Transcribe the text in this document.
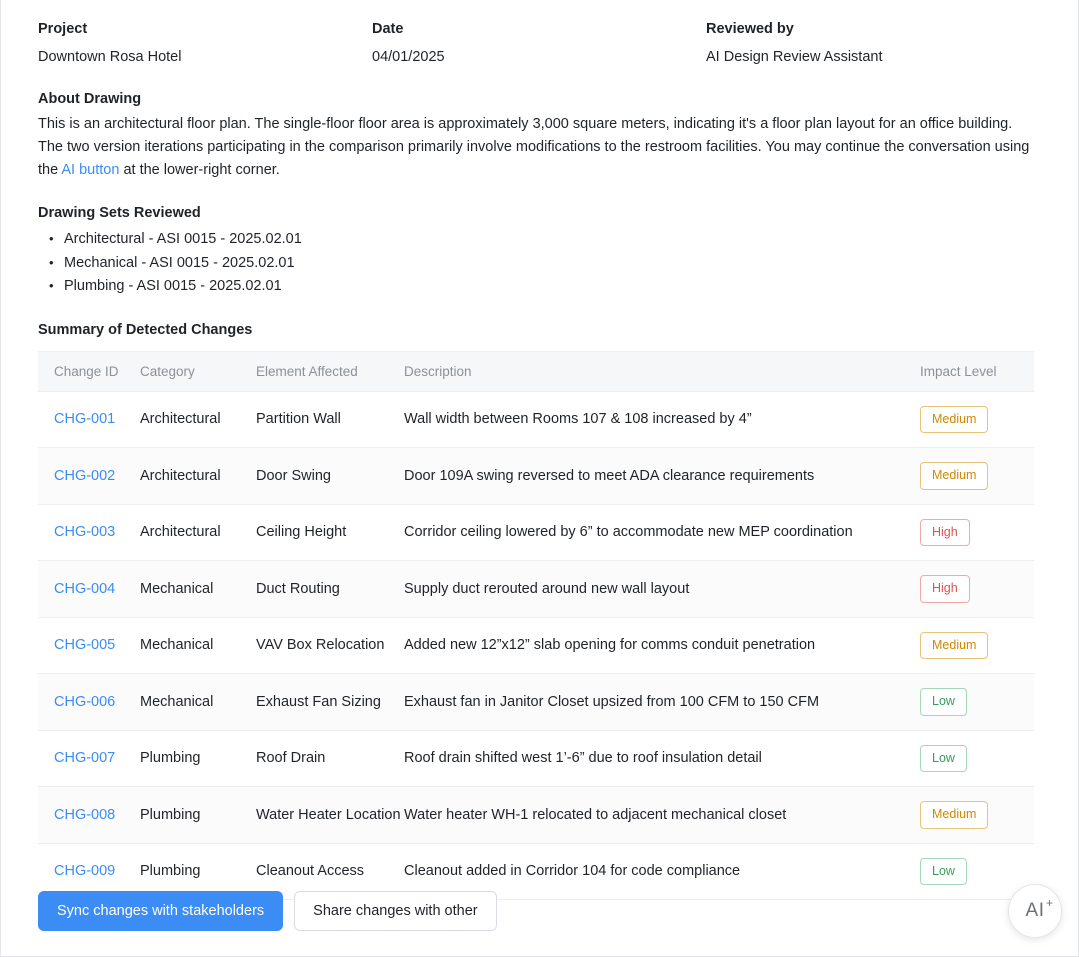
Project
Downtown Rosa Hotel
Date
04/01/2025
Reviewed by
AI Design Review Assistant
About Drawing
This is an architectural floor plan. The single-floor floor area is approximately 3,000 square meters, indicating it's a floor plan layout for an office building. The two version iterations participating in the comparison primarily involve modifications to the restroom facilities. You may continue the conversation using the AI button at the lower-right corner.
Drawing Sets Reviewed
• Architectural - ASI 0015 - 2025.02.01
• Mechanical - ASI 0015 - 2025.02.01
• Plumbing - ASI 0015 - 2025.02.01
Summary of Detected Changes
Change ID	Category	Element Affected	Description	Impact Level
CHG-001	Architectural	Partition Wall	Wall width between Rooms 107 & 108 increased by 4”	Medium
CHG-002	Architectural	Door Swing	Door 109A swing reversed to meet ADA clearance requirements	Medium
CHG-003	Architectural	Ceiling Height	Corridor ceiling lowered by 6” to accommodate new MEP coordination	High
CHG-004	Mechanical	Duct Routing	Supply duct rerouted around new wall layout	High
CHG-005	Mechanical	VAV Box Relocation	Added new 12”x12” slab opening for comms conduit penetration	Medium
CHG-006	Mechanical	Exhaust Fan Sizing	Exhaust fan in Janitor Closet upsized from 100 CFM to 150 CFM	Low
CHG-007	Plumbing	Roof Drain	Roof drain shifted west 1’-6” due to roof insulation detail	Low
CHG-008	Plumbing	Water Heater Location	Water heater WH-1 relocated to adjacent mechanical closet	Medium
CHG-009	Plumbing	Cleanout Access	Cleanout added in Corridor 104 for code compliance	Low
Sync changes with stakeholders	Share changes with other	AI +
